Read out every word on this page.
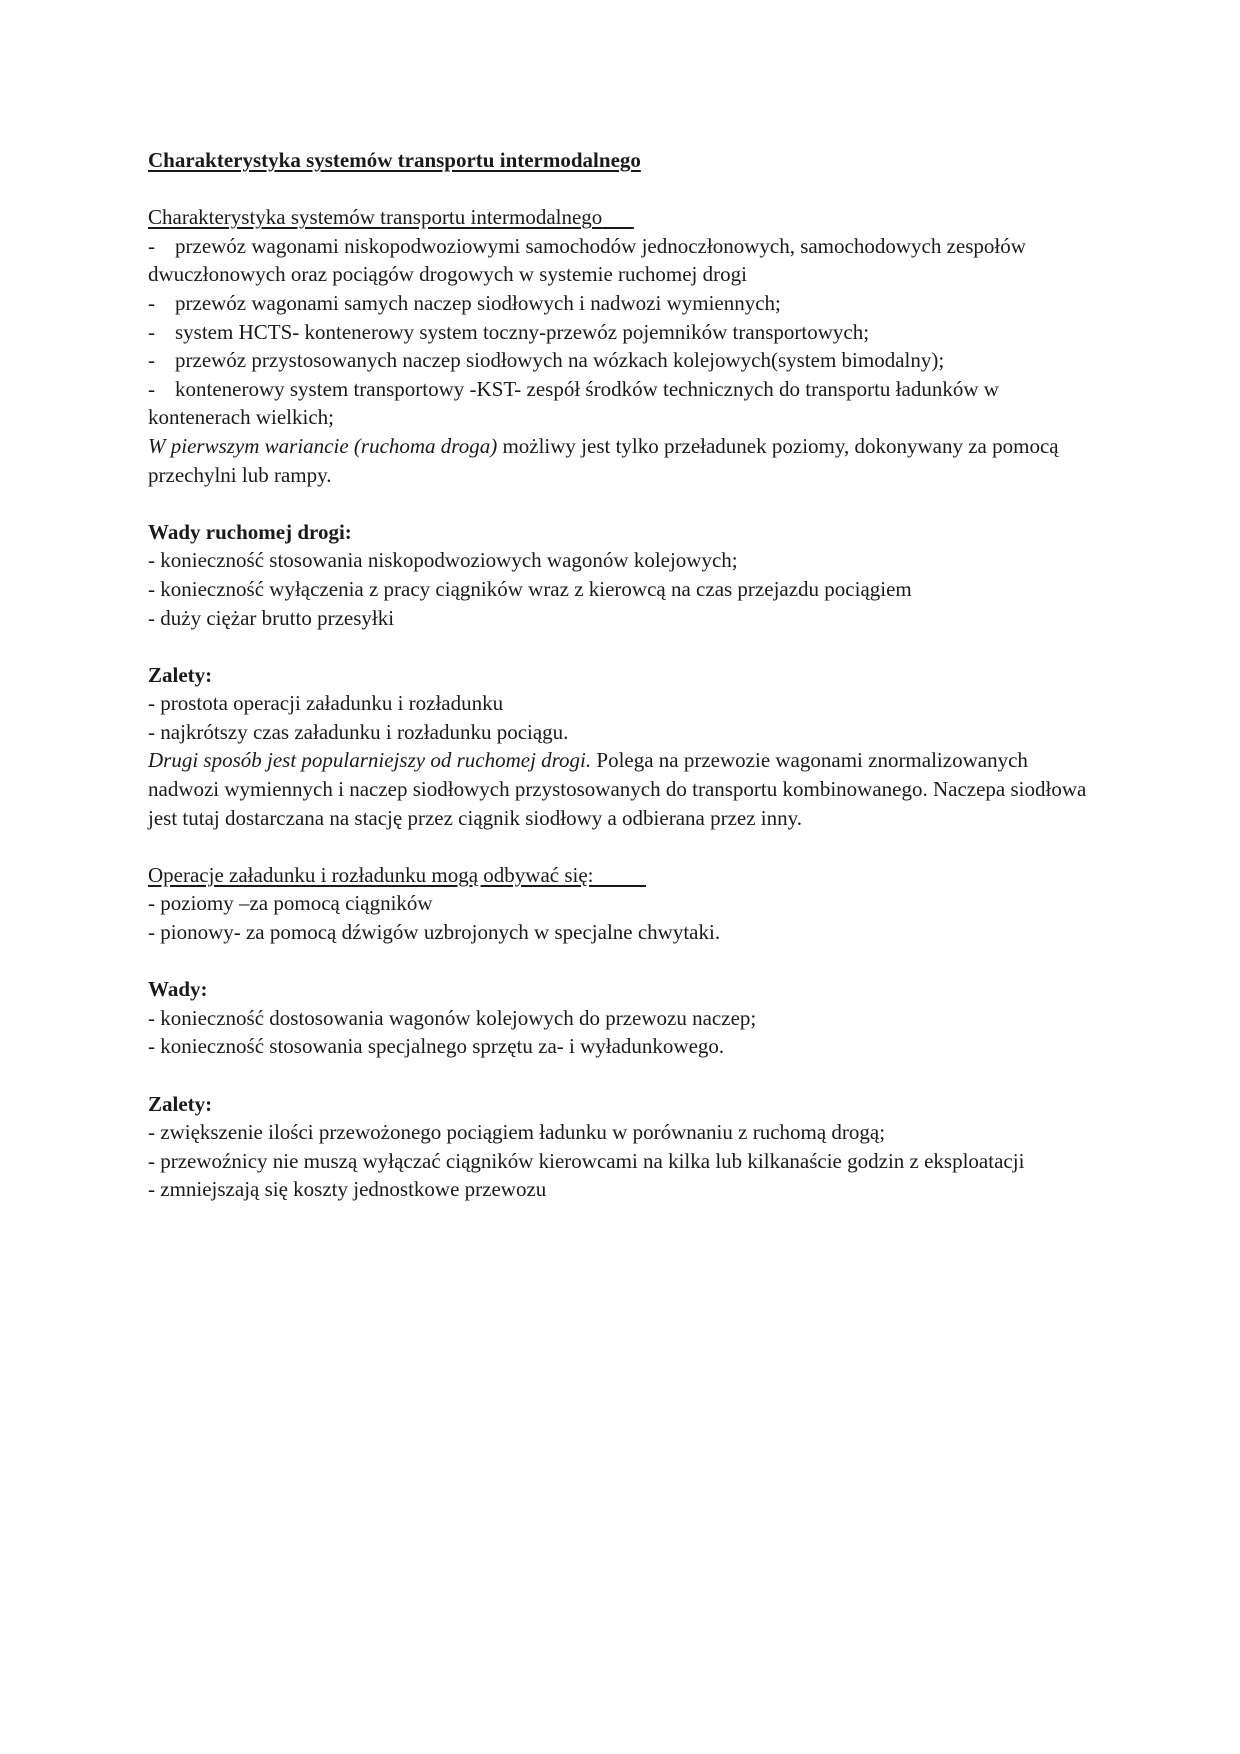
Charakterystyka systemów transportu intermodalnego

Charakterystyka systemów transportu intermodalnego

- przewóz wagonami niskopodwoziowymi samochodów jednoczłonowych, samochodowych zespołów dwuczłonowych oraz pociągów drogowych w systemie ruchomej drogi
- przewóz wagonami samych naczep siodłowych i nadwozi wymiennych;
- system HCTS- kontenerowy system toczny-przewóz pojemników transportowych;
- przewóz przystosowanych naczep siodłowych na wózkach kolejowych(system bimodalny);
- kontenerowy system transportowy -KST- zespół środków technicznych do transportu ładunków w kontenerach wielkich;

W pierwszym wariancie (ruchoma droga) możliwy jest tylko przeładunek poziomy, dokonywany za pomocą przechylni lub rampy.

Wady ruchomej drogi:

- konieczność stosowania niskopodwoziowych wagonów kolejowych;

- konieczność wyłączenia z pracy ciągników wraz z kierowcą na czas przejazdu pociągiem

- duży ciężar brutto przesyłki

Zalety:

- prostota operacji załadunku i rozładunku

- najkrótszy czas załadunku i rozładunku pociągu.

Drugi sposób jest popularniejszy od ruchomej drogi. Polega na przewozie wagonami znormalizowanych nadwozi wymiennych i naczep siodłowych przystosowanych do transportu kombinowanego. Naczepa siodłowa jest tutaj dostarczana na stację przez ciągnik siodłowy a odbierana przez inny.

Operacje załadunku i rozładunku mogą odbywać się:

- poziomy –za pomocą ciągników

- pionowy- za pomocą dźwigów uzbrojonych w specjalne chwytaki.

Wady:

- konieczność dostosowania wagonów kolejowych do przewozu naczep;

- konieczność stosowania specjalnego sprzętu za- i wyładunkowego.

Zalety:

- zwiększenie ilości przewożonego pociągiem ładunku w porównaniu z ruchomą drogą;

- przewoźnicy nie muszą wyłączać ciągników kierowcami na kilka lub kilkanaście godzin z eksploatacji

- zmniejszają się koszty jednostkowe przewozu
